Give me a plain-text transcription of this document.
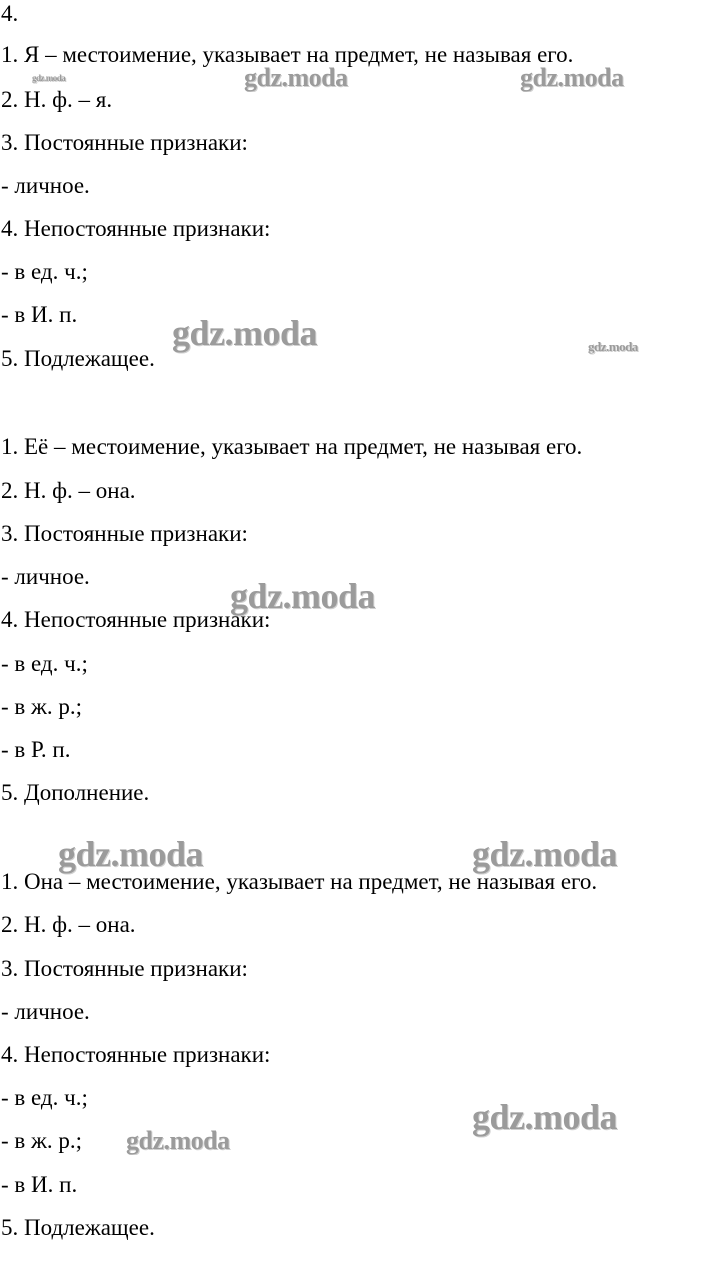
4.

1. Я – местоимение, указывает на предмет, не называя его.

2. Н. ф. – я.

3. Постоянные признаки:

- личное.

4. Непостоянные признаки:

- в ед. ч.;

- в И. п.

5. Подлежащее.

1. Её – местоимение, указывает на предмет, не называя его.

2. Н. ф. – она.

3. Постоянные признаки:

- личное.

4. Непостоянные признаки:

- в ед. ч.;

- в ж. р.;

- в Р. п.

5. Дополнение.

1. Она – местоимение, указывает на предмет, не называя его.

2. Н. ф. – она.

3. Постоянные признаки:

- личное.

4. Непостоянные признаки:

- в ед. ч.;

- в ж. р.;

- в И. п.

5. Подлежащее.

gdz.moda	gdz.moda	gdz.moda
gdz.moda	gdz.moda
gdz.moda
gdz.moda	gdz.moda
gdz.moda
gdz.moda
